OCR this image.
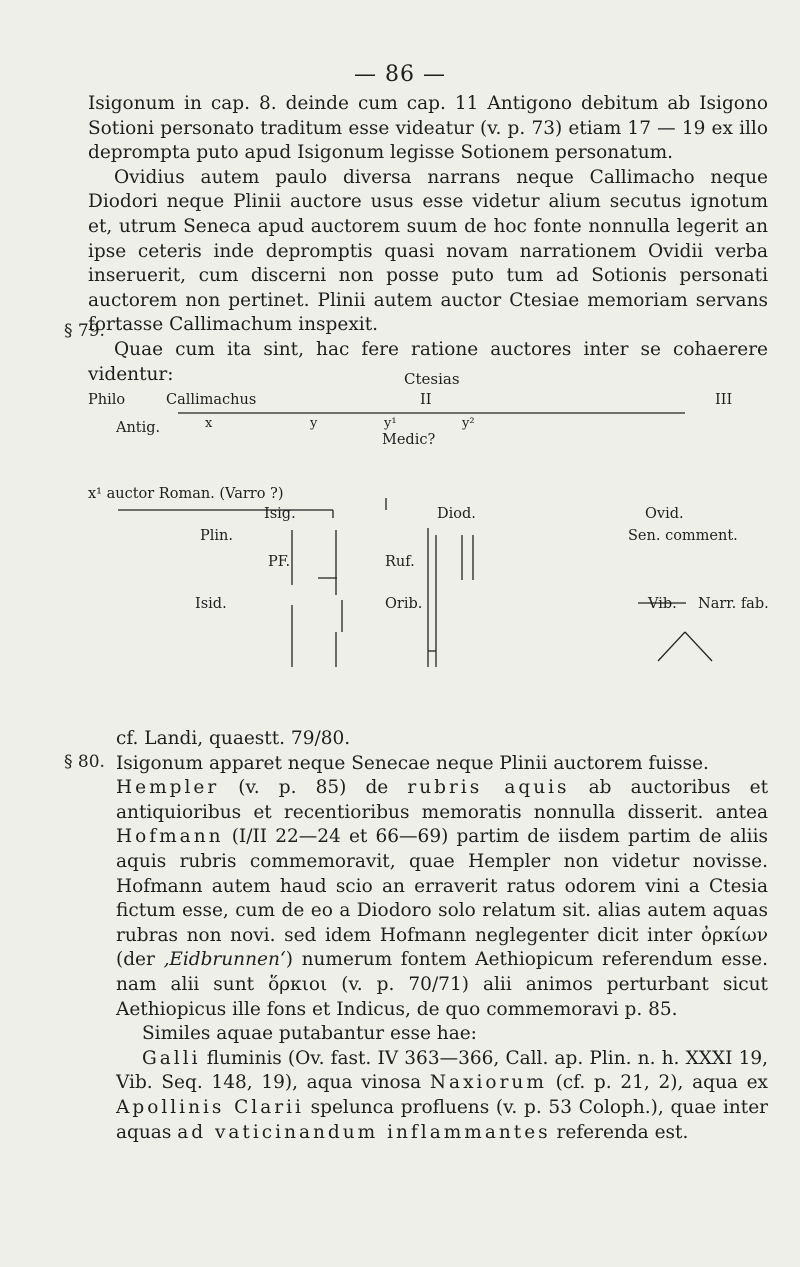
— 86 —

Isigonum in cap. 8. deinde cum cap. 11 Antigono debitum ab Isigono Sotioni personato traditum esse videatur (v. p. 73) etiam 17 — 19 ex illo deprompta puto apud Isigonum legisse Sotionem personatum.

Ovidius autem paulo diversa narrans neque Callimacho neque Diodori neque Plinii auctore usus esse videtur alium secutus ignotum et, utrum Seneca apud auctorem suum de hoc fonte nonnulla legerit an ipse ceteris inde depromptis quasi novam narrationem Ovidii verba inseruerit, cum discerni non posse puto tum ad Sotionis personati auctorem non pertinet. Plinii autem auctor Ctesiae memoriam servans fortasse Callimachum inspexit.

Quae cum ita sint, hac fere ratione auctores inter se cohaerere videntur:

§ 79.
Ctesias
Philo	Callimachus	II	III
Antig.	x	y	y¹	y²
Medic?
x¹ auctor Roman. (Varro ?)
Isig.	Diod.	Ovid.
Plin.	Sen. comment.
PF.	Ruf.
Isid.	Orib.	Vib. Narr. fab.

cf. Landi, quaestt. 79/80.

Isigonum apparet neque Senecae neque Plinii auctorem fuisse.

Hempler (v. p. 85) de rubris aquis ab auctoribus et antiquioribus et recentioribus memoratis nonnulla disserit. antea Hofmann (I/II 22—24 et 66—69) partim de iisdem partim de aliis aquis rubris commemoravit, quae Hempler non videtur novisse. Hofmann autem haud scio an erraverit ratus odorem vini a Ctesia fictum esse, cum de eo a Diodoro solo relatum sit. alias autem aquas rubras non novi. sed idem Hofmann neglegenter dicit inter ὀρκίων (der ‚Eidbrunnen‘) numerum fontem Aethiopicum referendum esse. nam alii sunt ὅρκιοι (v. p. 70/71) alii animos perturbant sicut Aethiopicus ille fons et Indicus, de quo commemoravi p. 85.

Similes aquae putabantur esse hae:

Galli fluminis (Ov. fast. IV 363—366, Call. ap. Plin. n. h. XXXI 19, Vib. Seq. 148, 19), aqua vinosa Naxiorum (cf. p. 21, 2), aqua ex Apollinis Clarii spelunca profluens (v. p. 53 Coloph.), quae inter aquas ad vaticinandum inflammantes referenda est.

§ 80.
